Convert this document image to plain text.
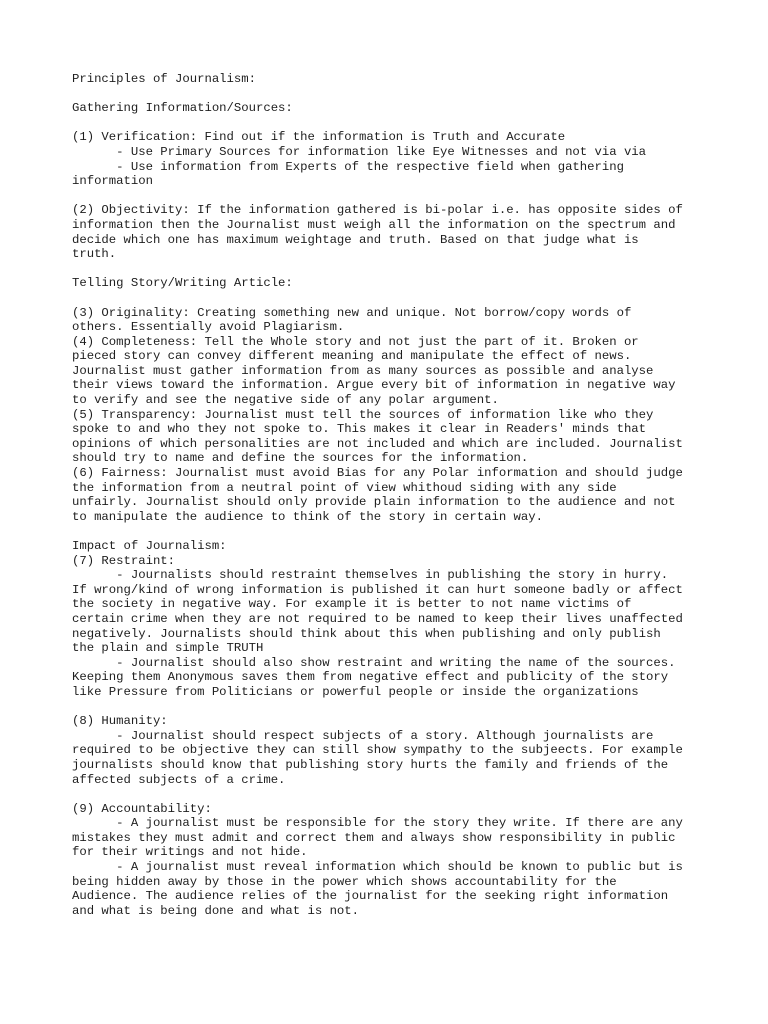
Principles of Journalism:
Gathering Information/Sources:
(1) Verification: Find out if the information is Truth and Accurate
- Use Primary Sources for information like Eye Witnesses and not via via
- Use information from Experts of the respective field when gathering
information
(2) Objectivity: If the information gathered is bi-polar i.e. has opposite sides of
information then the Journalist must weigh all the information on the spectrum and
decide which one has maximum weightage and truth. Based on that judge what is
truth.
Telling Story/Writing Article:
(3) Originality: Creating something new and unique. Not borrow/copy words of
others. Essentially avoid Plagiarism.
(4) Completeness: Tell the Whole story and not just the part of it. Broken or
pieced story can convey different meaning and manipulate the effect of news.
Journalist must gather information from as many sources as possible and analyse
their views toward the information. Argue every bit of information in negative way
to verify and see the negative side of any polar argument.
(5) Transparency: Journalist must tell the sources of information like who they
spoke to and who they not spoke to. This makes it clear in Readers' minds that
opinions of which personalities are not included and which are included. Journalist
should try to name and define the sources for the information.
(6) Fairness: Journalist must avoid Bias for any Polar information and should judge
the information from a neutral point of view whithoud siding with any side
unfairly. Journalist should only provide plain information to the audience and not
to manipulate the audience to think of the story in certain way.
Impact of Journalism:
(7) Restraint:
- Journalists should restraint themselves in publishing the story in hurry.
If wrong/kind of wrong information is published it can hurt someone badly or affect
the society in negative way. For example it is better to not name victims of
certain crime when they are not required to be named to keep their lives unaffected
negatively. Journalists should think about this when publishing and only publish
the plain and simple TRUTH
- Journalist should also show restraint and writing the name of the sources.
Keeping them Anonymous saves them from negative effect and publicity of the story
like Pressure from Politicians or powerful people or inside the organizations
(8) Humanity:
- Journalist should respect subjects of a story. Although journalists are
required to be objective they can still show sympathy to the subjeects. For example
journalists should know that publishing story hurts the family and friends of the
affected subjects of a crime.
(9) Accountability:
- A journalist must be responsible for the story they write. If there are any
mistakes they must admit and correct them and always show responsibility in public
for their writings and not hide.
- A journalist must reveal information which should be known to public but is
being hidden away by those in the power which shows accountability for the
Audience. The audience relies of the journalist for the seeking right information
and what is being done and what is not.
